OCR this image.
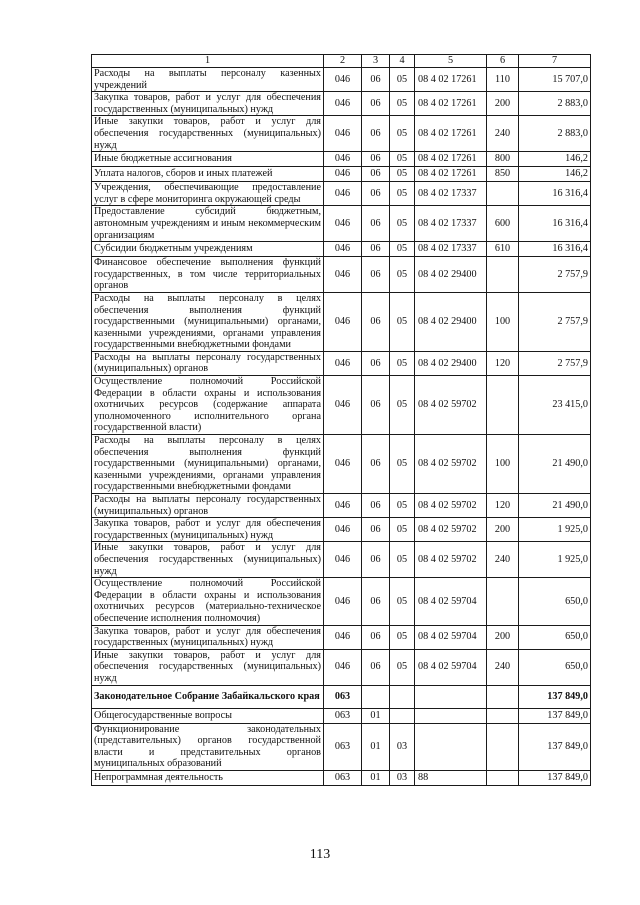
1	2	3	4	5	6	7
Расходы на выплаты персоналу казенных учреждений	046	06	05	08 4 02 17261	110	15 707,0
Закупка товаров, работ и услуг для обеспечения государственных (муниципальных) нужд	046	06	05	08 4 02 17261	200	2 883,0
Иные закупки товаров, работ и услуг для обеспечения государственных (муниципальных) нужд	046	06	05	08 4 02 17261	240	2 883,0
Иные бюджетные ассигнования	046	06	05	08 4 02 17261	800	146,2
Уплата налогов, сборов и иных платежей	046	06	05	08 4 02 17261	850	146,2
Учреждения, обеспечивающие предоставление услуг в сфере мониторинга окружающей среды	046	06	05	08 4 02 17337		16 316,4
Предоставление субсидий бюджетным, автономным учреждениям и иным некоммерческим организациям	046	06	05	08 4 02 17337	600	16 316,4
Субсидии бюджетным учреждениям	046	06	05	08 4 02 17337	610	16 316,4
Финансовое обеспечение выполнения функций государственных, в том числе территориальных органов	046	06	05	08 4 02 29400		2 757,9
Расходы на выплаты персоналу в целях обеспечения выполнения функций государственными (муниципальными) органами, казенными учреждениями, органами управления государственными внебюджетными фондами	046	06	05	08 4 02 29400	100	2 757,9
Расходы на выплаты персоналу государственных (муниципальных) органов	046	06	05	08 4 02 29400	120	2 757,9
Осуществление полномочий Российской Федерации в области охраны и использования охотничьих ресурсов (содержание аппарата уполномоченного исполнительного органа государственной власти)	046	06	05	08 4 02 59702		23 415,0
Расходы на выплаты персоналу в целях обеспечения выполнения функций государственными (муниципальными) органами, казенными учреждениями, органами управления государственными внебюджетными фондами	046	06	05	08 4 02 59702	100	21 490,0
Расходы на выплаты персоналу государственных (муниципальных) органов	046	06	05	08 4 02 59702	120	21 490,0
Закупка товаров, работ и услуг для обеспечения государственных (муниципальных) нужд	046	06	05	08 4 02 59702	200	1 925,0
Иные закупки товаров, работ и услуг для обеспечения государственных (муниципальных) нужд	046	06	05	08 4 02 59702	240	1 925,0
Осуществление полномочий Российской Федерации в области охраны и использования охотничьих ресурсов (материально-техническое обеспечение исполнения полномочия)	046	06	05	08 4 02 59704		650,0
Закупка товаров, работ и услуг для обеспечения государственных (муниципальных) нужд	046	06	05	08 4 02 59704	200	650,0
Иные закупки товаров, работ и услуг для обеспечения государственных (муниципальных) нужд	046	06	05	08 4 02 59704	240	650,0
Законодательное Собрание Забайкальского края	063					137 849,0
Общегосударственные вопросы	063	01				137 849,0
Функционирование законодательных (представительных) органов государственной власти и представительных органов муниципальных образований	063	01	03			137 849,0
Непрограммная деятельность	063	01	03	88		137 849,0
113
